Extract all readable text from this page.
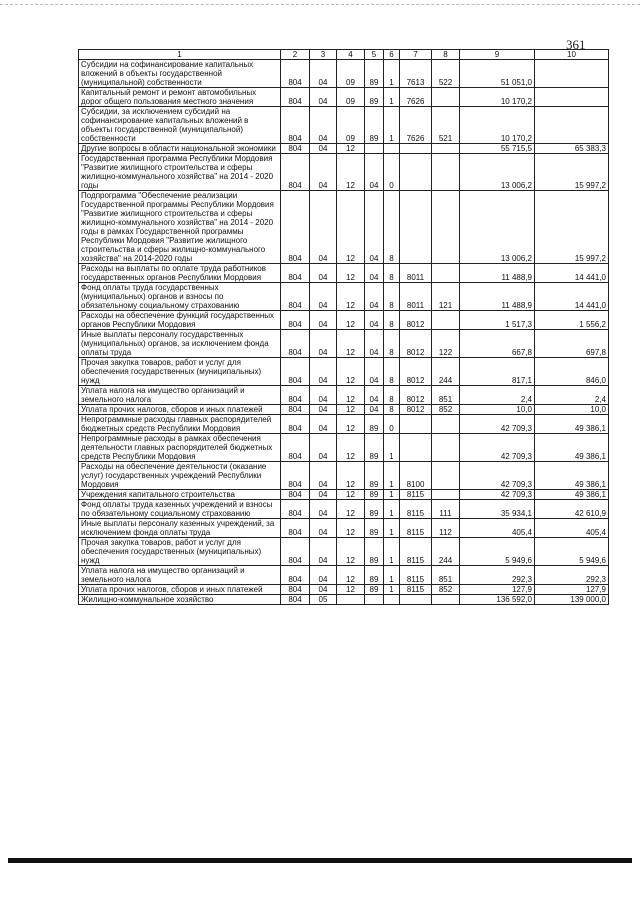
361
1	2	3	4	5	6	7	8	9	10
Субсидии на софинансирование капитальных вложений в объекты государственной (муниципальной) собственности	804	04	09	89	1	7613	522	51 051,0	
Капитальный ремонт и ремонт автомобильных дорог общего пользования местного значения	804	04	09	89	1	7626		10 170,2	
Субсидии, за исключением субсидий на софинансирование капитальных вложений в объекты государственной (муниципальной) собственности	804	04	09	89	1	7626	521	10 170,2	
Другие вопросы в области национальной экономики	804	04	12					55 715,5	65 383,3
Государственная программа Республики Мордовия "Развитие жилищного строительства и сферы жилищно-коммунального хозяйства" на 2014 - 2020 годы	804	04	12	04	0			13 006,2	15 997,2
Подпрограмма "Обеспечение реализации Государственной программы Республики Мордовия "Развитие жилищного строительства и сферы жилищно-коммунального хозяйства" на 2014 - 2020 годы в рамках Государственной программы Республики Мордовия "Развитие жилищного строительства и сферы жилищно-коммунального хозяйства" на 2014-2020 годы	804	04	12	04	8			13 006,2	15 997,2
Расходы на выплаты по оплате труда работников государственных органов Республики Мордовия	804	04	12	04	8	8011		11 488,9	14 441,0
Фонд оплаты труда государственных (муниципальных) органов и взносы по обязательному социальному страхованию	804	04	12	04	8	8011	121	11 488,9	14 441,0
Расходы на обеспечение функций государственных органов Республики Мордовия	804	04	12	04	8	8012		1 517,3	1 556,2
Иные выплаты персоналу государственных (муниципальных) органов, за исключением фонда оплаты труда	804	04	12	04	8	8012	122	667,8	697,8
Прочая закупка товаров, работ и услуг для обеспечения государственных (муниципальных) нужд	804	04	12	04	8	8012	244	817,1	846,0
Уплата налога на имущество организаций и земельного налога	804	04	12	04	8	8012	851	2,4	2,4
Уплата прочих налогов, сборов и иных платежей	804	04	12	04	8	8012	852	10,0	10,0
Непрограммные расходы главных распорядителей бюджетных средств Республики Мордовия	804	04	12	89	0			42 709,3	49 386,1
Непрограммные расходы в рамках обеспечения деятельности главных распорядителей бюджетных средств Республики Мордовия	804	04	12	89	1			42 709,3	49 386,1
Расходы на обеспечение деятельности (оказание услуг) государственных учреждений Республики Мордовия	804	04	12	89	1	8100		42 709,3	49 386,1
Учреждения капитального строительства	804	04	12	89	1	8115		42 709,3	49 386,1
Фонд оплаты труда казенных учреждений и взносы по обязательному социальному страхованию	804	04	12	89	1	8115	111	35 934,1	42 610,9
Иные выплаты персоналу казенных учреждений, за исключением фонда оплаты труда	804	04	12	89	1	8115	112	405,4	405,4
Прочая закупка товаров, работ и услуг для обеспечения государственных (муниципальных) нужд	804	04	12	89	1	8115	244	5 949,6	5 949,6
Уплата налога на имущество организаций и земельного налога	804	04	12	89	1	8115	851	292,3	292,3
Уплата прочих налогов, сборов и иных платежей	804	04	12	89	1	8115	852	127,9	127,9
Жилищно-коммунальное хозяйство	804	05						136 592,0	139 000,0
